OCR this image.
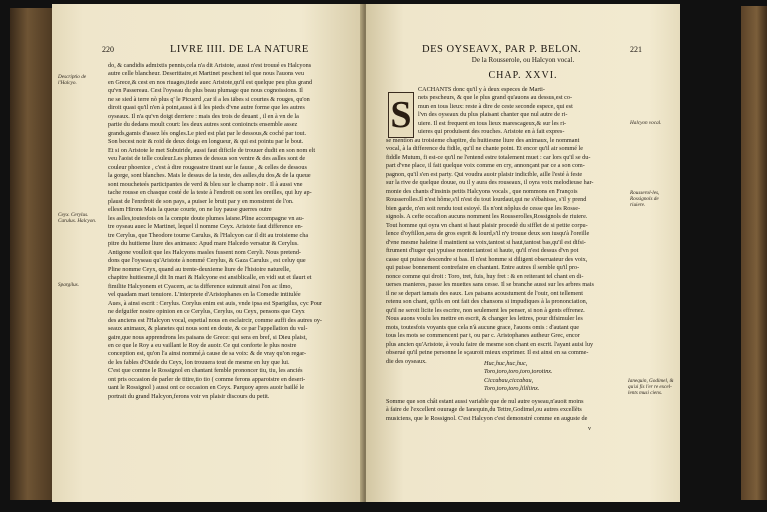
220	LIVRE IIII. DE LA NATURE
Descriptio de l'Halcyo.
Ceyx. Cerylus. Carulus. Halcyon.
Spargilus.

do, & candidis admixtis pennis,cela n'a dit Aristote, aussi n'est trouué es Halcyons

autre celle blancheur. Deserittaire,et Martinet peschent tel que nous l'auons veu

en Grece,& cest en nos riuages,tiede auec Aristote,qu'il est quelque peu plus grand

qu'vn Passereau. Cest l'oyseau du plus beau plumage que nous cognoissions. Il

ne se sied à terre nò plus q' le Picuerd ,car il a les iābes si courtes & rouges, qu'on

diroit quasi qu'il n'en à point,aussi à il les pieds d'vne autre forme que les autres

oyseaux. Il n'a qu'vn doigt derriere : mais des trois de deuant , il en à vn de la

partie du dedans moult court: les deux autres sont conioincts ensemble assez

grands,gamis d'assez lés ongles.Le pied est plat par le dessous,& coché par tout.

Son becest noir & roid de deux doigs en longueur, & qui est pointu par le bout.

Et si on Aristote le met Subuiride, aussi faut dificile de trouuer dudit en son nom elt

veu l'aoist de telle couleur.Les plumes de dessus son ventre & des aslles sont de

couleur phoenice , c'est à dire rougeastre tirant sur le fauue , & celles de dessous

la gorge, sont blanches. Mais le dessus de la teste, des aslles,du dos,& de la queue

sont moucheteés participantes de verd & bleu sur le champ noir . Il à aussi vne

tache rousse en chasque costé de la teste à l'endroit ou sont les oreilles, qui luy ap-

plaust de l'enrdroit de son pays, a puiser le bruit par y en monstrent de l'on.

ellesm Hirons Mais la queue courte, on ne luy pause guerres outre

les aslles,toutesfois on la compte doute plumes laisne.Pline accompagne vn au-

tre oyseau auec le Martinet, lequel il nomme Ceyx. Aristote faut difference en-

tre Cerylus, que Theodore tourne Carulus, & l'Halcyon car il dit au troisieme cha

pitre du huitieme liure des animaux: Apud mare Halcedo versatur & Cerylus.

Antigone voulloit que les Halcyons masles fussent nom Ceryli. Nous pretend-

dons que l'oyseau qu'Aristote à nommé Cerylus, & Gaza Carulus , est celuy que

Pline nomme Ceyx, quand au trente-deuxieme liure de l'histoire naturelle,

chapitre huitiesme,il dit In mari & Halcyone est ansiblicalle, en vidi sut et ilaurt et

fimilite Halcyonem et Cyacem, ac ta difference suinnuit ainsi l'on ac ilmo,

vel quadam mari tenuiore. L'interprete d'Aristophanes en la Comedie intitulée

Aues, à ainsi escrit : Cerylus. Corylus enim est auis, vnde ipsa est Sparigilus, cyc Pour

ne defguifer nostre opinion en ce Cerylus, Cerylus, ou Ceyx, pensons que Ceyx

des anciens est l'Halcyon vocal, espetial nous en esclaircir, comme auffi des autres oy-

seaux animaux, & planetes qui nous sont en doute, & ce par l'appellation du vul-

gaire,que nous apprendrons les paisans de Grece: qui sera en bref, si Dieu plaist,

en ce que le Roy a eu vaillant le Roy de auoir. Ce qui conforte le plus nostre

conception est, qu'on l'a ainsi nommé,à cause de sa voix: & de vray qu'on regar-

de les fables d'Ouide du Ceyx, lon trouuera tout de mesme en luy que lui.

C'est que comme le Rossignol en chantant femble prononcer tiu, tiu, les anciés

ont pris occasion de parler de titire,tio tio ( comme ferons apparoistre en deseri-

uant le Rossignol ) aussi ont ce occasion en Ceyx. Parquoy apres auoir baillé le

portrait du grand Halcyon,ferons voir vn plaisir discours du petit.

DES OYSEAVX, PAR P. BELON.	221
De la Rousserole, ou Halcyon vocal.
CHAP. XXVI.
S	Halcyon vocal.
Rousserol-les, Rossignols de riuiere.
Ianequin, Godimel, & qu'ui fis l'er re excel-lents musi ciens.

CACHANTS donc qu'il y à deux especes de Marti-

nets pescheurs, & que le plus grand qu'auons au dessus,est co-

mun en tous lieux: reste à dire de ceste seconde espece, qui est

l'vn des oyseaux du plus plaisant chanter que nul autre de ri-

uiere. Il est frequent en tous lieux marescageux,& sur les ri-

uieres qui produisent des rouches. Aristote en à fait expres-

se mention au troisieme chapitre, du huitiesme liure des animaux, le nommant

vocal, à la difference du fidile, qu'il ne chante point. Et encor qu'il air sommé le

fiddle Mutum, fi est-ce qu'il ne l'entend estre totalement muet : car lors qu'il se du-

part d'vne place, il fait quelque voix comme en cry, annonçant par ce a son com-

pagnon, qu'il s'en est party. Qui voudra auoir plaisir indicible, aille l'esté à feste

sur la rive de quelque douue, ou il y aura des rouseaux, il oyra voix melodieuse har-

monie des chants d'insinis petits Halcyons vocals , que nommons en François

Rousserolles.Il n'est hôme,s'il n'est du tout lourdaut,qui ne s'ébahisse, s'il y prend

bien garde, n'en soit rendu tout esioyé. Ils n'ont nôplus de cesse que les Rosse-

signols. A cefte occafion aucuns nomment les Rousserolles,Rossignols de riuiere.

Tout homme qui oyra vn chant si haut plaisir procedè du sifflet de si petite corpu-

lence d'oyfillon,sera de gros esprit & lourd,s'il n'y trouue deux son iusqu'à l'oreille

d'vne mesme haleine il maintient sa voix,tantost si haut,tantost bas,qu'il est difsi-

ftrument d'iuger qui ypuisse monter.tantost si haute, qu'il n'est dessus d'vn pot

casse qui puisse descendre si bas. Il n'est homme si diligent obseruateur des voix,

qui puisse bonnement contrefaire en chantant. Entre autres il semble qu'il pro-

nonce comme qui droit : Toro, tret, fuis, huy fret : & en reiterant tel chant en di-

uerses manieres, passe les muettes sans cesse. Il se branche aussi sur les arbres mais

il ne se depart iamais des eaux. Les paisans acoustument de l'ouir, ont tellement

retenu son chant, qu'ils en ont fait des chansons si impudiques à la prononciation,

qu'il ne seroit licite les escrire, non seulement les penser, si non à gents effrenez.

Nous auons voulu les mettre en escrit, & changer les lettres, pour difsimuler les

mots, toutesfois voyants que cela n'à aucune grace, l'auons omis : d'autant que

tous les mots se commencent par t, ou par c. Aristophanes autheur Grec, encor

plus ancien qu'Aristote, à voulu faire de mesme son chant en escrit. l'ayant auisi luy

obserué qu'il peine personne le sçauroit mieux exprimer. Il est ainsi en sa comme-

die des oyseaux.	Huc,huc,huc,huc,

Toro,toro,toro,toro,torotinx.

Ciccabau,ciccabau,

Toro,toro,toro,lililiinx.

Somme que son chât estant aussi variable que de nul autre oyseau,n'auoit moins

à faire de l'excellent ouurage de Ianequin,du Tettre,Godimel,ou autres excellẽts

musiciens, que le Rossignol. C'est Halcyon c'est demonstré comme en auguste de

v
